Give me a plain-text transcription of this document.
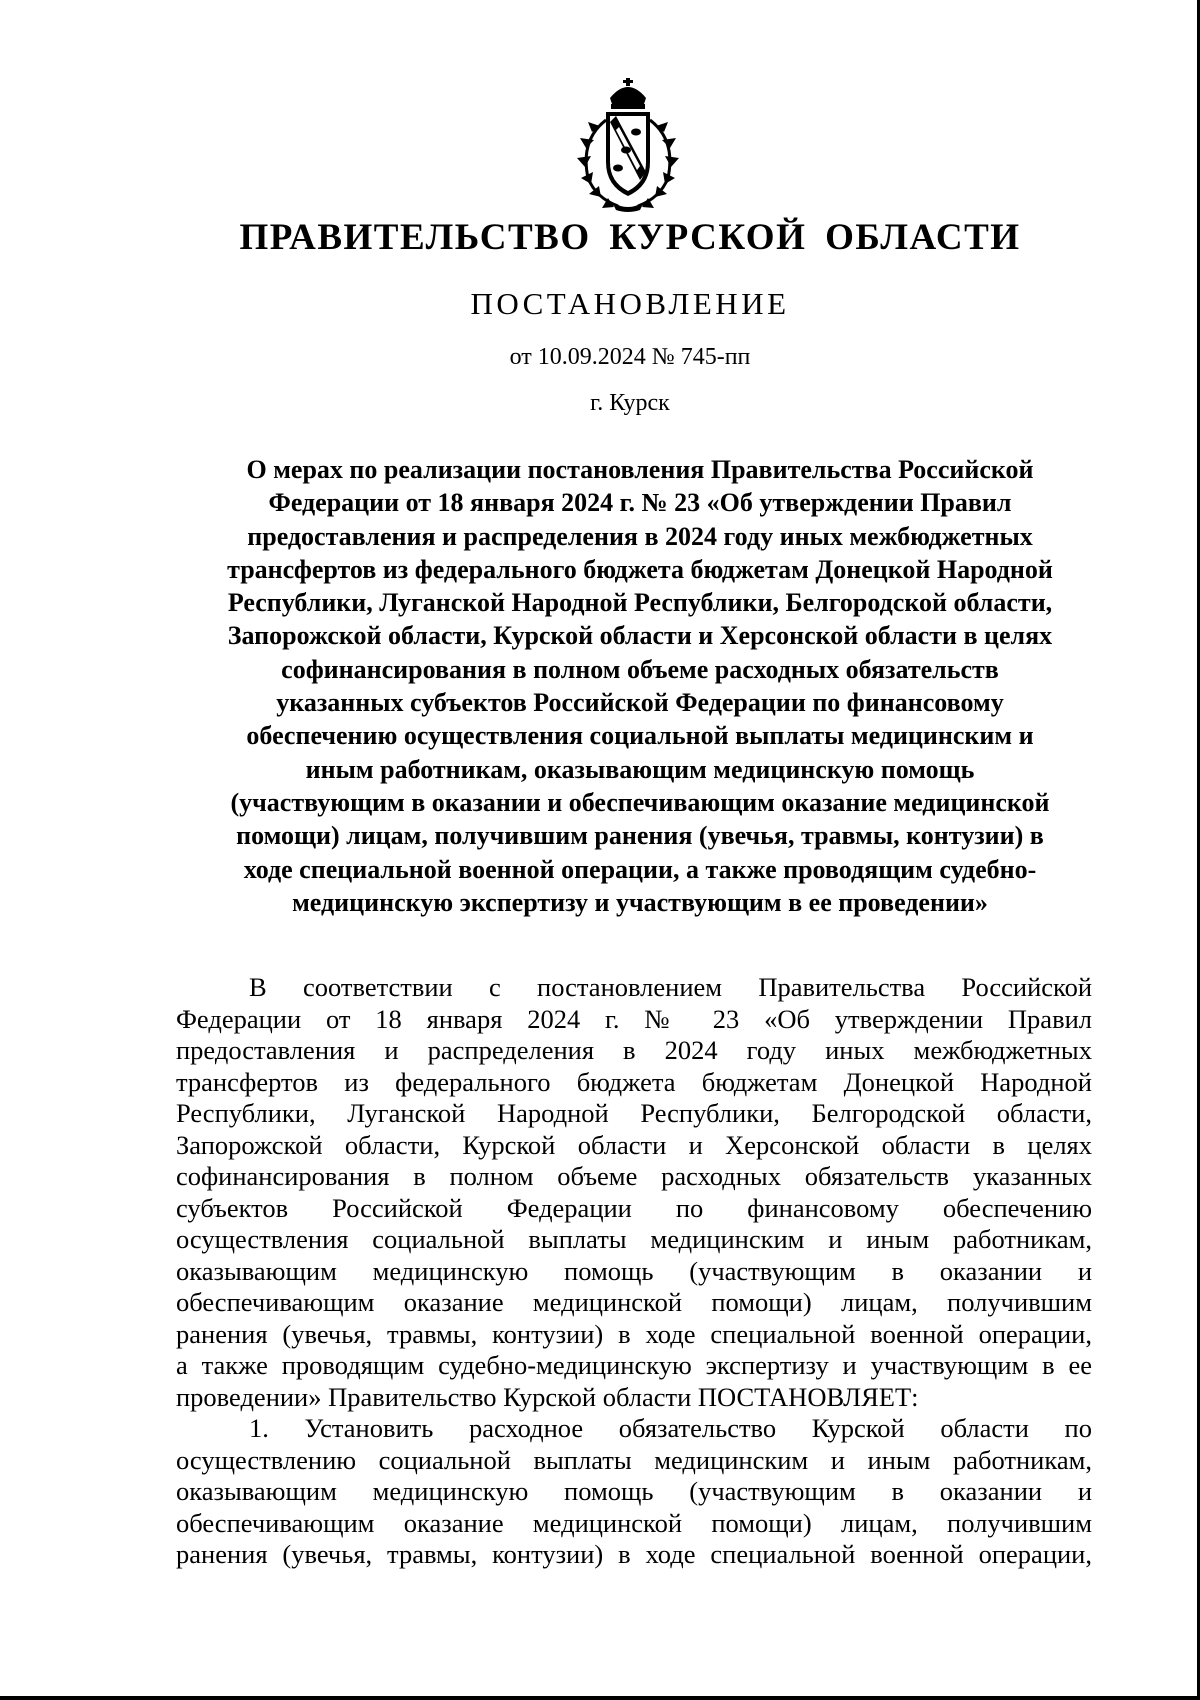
ПРАВИТЕЛЬСТВО КУРСКОЙ ОБЛАСТИ
ПОСТАНОВЛЕНИЕ
от 10.09.2024 № 745-пп
г. Курск

О мерах по реализации постановления Правительства Российской
Федерации от 18 января 2024 г. № 23 «Об утверждении Правил
предоставления и распределения в 2024 году иных межбюджетных
трансфертов из федерального бюджета бюджетам Донецкой Народной
Республики, Луганской Народной Республики, Белгородской области,
Запорожской области, Курской области и Херсонской области в целях
софинансирования в полном объеме расходных обязательств
указанных субъектов Российской Федерации по финансовому
обеспечению осуществления социальной выплаты медицинским и
иным работникам, оказывающим медицинскую помощь
(участвующим в оказании и обеспечивающим оказание медицинской
помощи) лицам, получившим ранения (увечья, травмы, контузии) в
ходе специальной военной операции, а также проводящим судебно-
медицинскую экспертизу и участвующим в ее проведении»

В соответствии с постановлением Правительства Российской
Федерации от 18 января 2024 г. № 23 «Об утверждении Правил
предоставления и распределения в 2024 году иных межбюджетных
трансфертов из федерального бюджета бюджетам Донецкой Народной
Республики, Луганской Народной Республики, Белгородской области,
Запорожской области, Курской области и Херсонской области в целях
софинансирования в полном объеме расходных обязательств указанных
субъектов Российской Федерации по финансовому обеспечению
осуществления социальной выплаты медицинским и иным работникам,
оказывающим медицинскую помощь (участвующим в оказании и
обеспечивающим оказание медицинской помощи) лицам, получившим
ранения (увечья, травмы, контузии) в ходе специальной военной операции,
а также проводящим судебно-медицинскую экспертизу и участвующим в ее
проведении» Правительство Курской области ПОСТАНОВЛЯЕТ:
1. Установить расходное обязательство Курской области по
осуществлению социальной выплаты медицинским и иным работникам,
оказывающим медицинскую помощь (участвующим в оказании и
обеспечивающим оказание медицинской помощи) лицам, получившим
ранения (увечья, травмы, контузии) в ходе специальной военной операции,
